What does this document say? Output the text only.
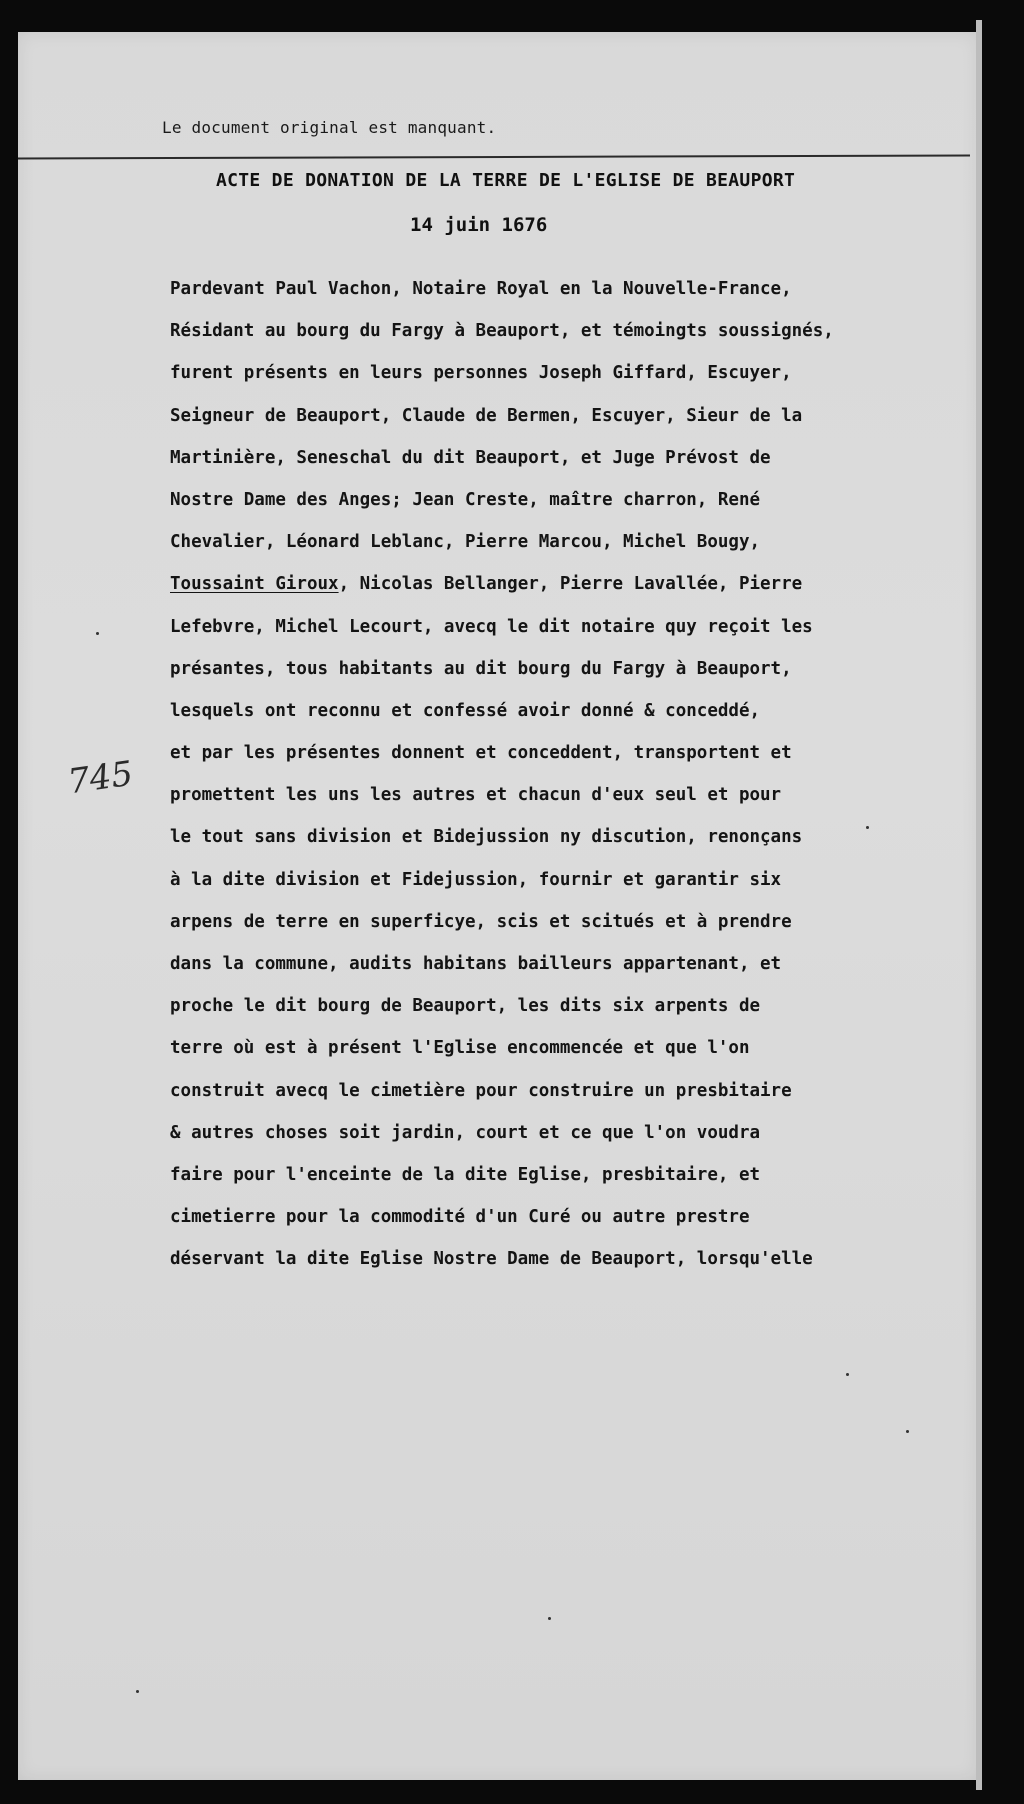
Le document original est manquant.
ACTE DE DONATION DE LA TERRE DE L'EGLISE DE BEAUPORT
14 juin 1676
745
Pardevant Paul Vachon, Notaire Royal en la Nouvelle-France,
Résidant au bourg du Fargy à Beauport, et témoingts soussignés,
furent présents en leurs personnes Joseph Giffard, Escuyer,
Seigneur de Beauport, Claude de Bermen, Escuyer, Sieur de la
Martinière, Seneschal du dit Beauport, et Juge Prévost de
Nostre Dame des Anges; Jean Creste, maître charron, René
Chevalier, Léonard Leblanc, Pierre Marcou, Michel Bougy,
Toussaint Giroux, Nicolas Bellanger, Pierre Lavallée, Pierre
Lefebvre, Michel Lecourt, avecq le dit notaire quy reçoit les
présantes, tous habitants au dit bourg du Fargy à Beauport,
lesquels ont reconnu et confessé avoir donné & conceddé,
et par les présentes donnent et conceddent, transportent et
promettent les uns les autres et chacun d'eux seul et pour
le tout sans division et Bidejussion ny discution, renonçans
à la dite division et Fidejussion, fournir et garantir six
arpens de terre en superficye, scis et scitués et à prendre
dans la commune, audits habitans bailleurs appartenant, et
proche le dit bourg de Beauport, les dits six arpents de
terre où est à présent l'Eglise encommencée et que l'on
construit avecq le cimetière pour construire un presbitaire
& autres choses soit jardin, court et ce que l'on voudra
faire pour l'enceinte de la dite Eglise, presbitaire, et
cimetierre pour la commodité d'un Curé ou autre prestre
déservant la dite Eglise Nostre Dame de Beauport, lorsqu'elle
